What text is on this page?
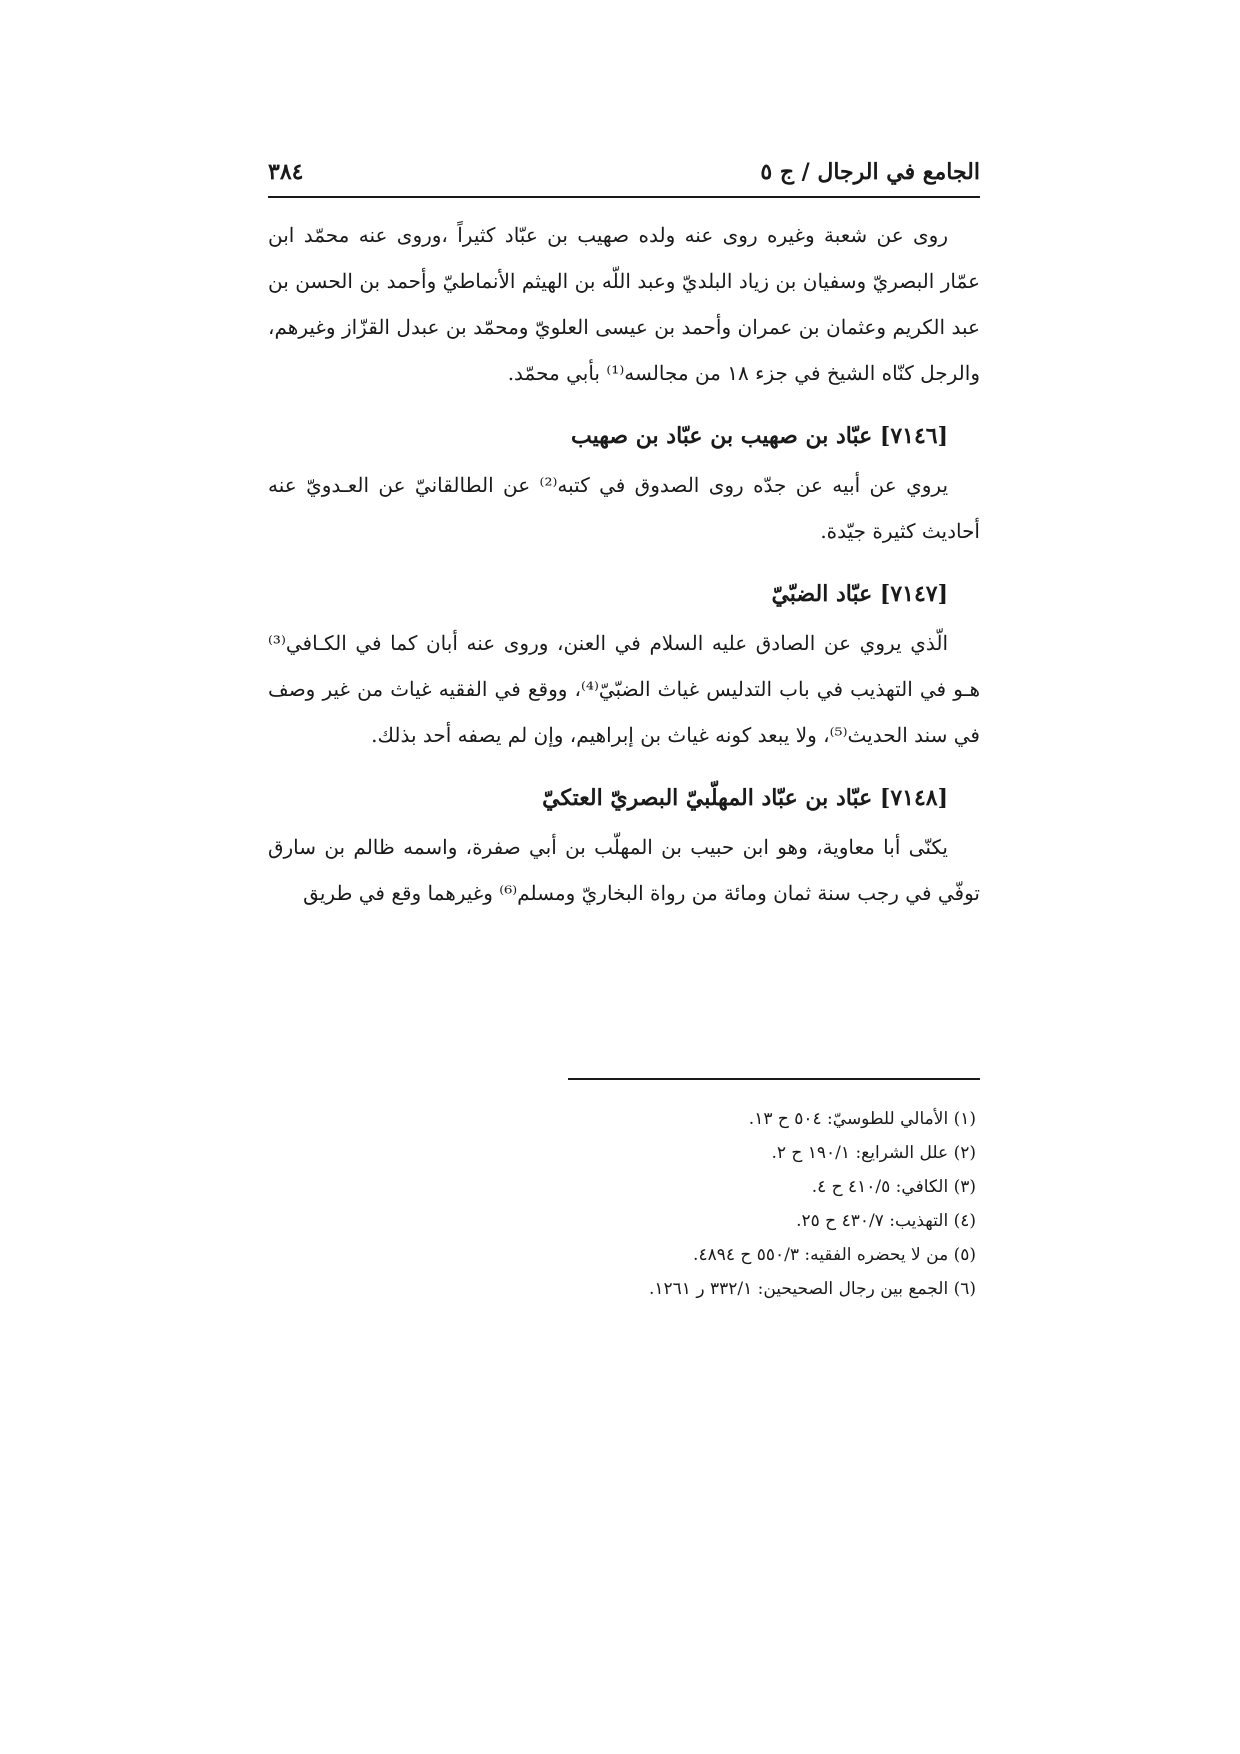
الجامع في الرجال / ج ٥
٣٨٤

روى عن شعبة وغيره روى عنه ولده صهيب بن عبّاد كثيراً ،وروى عنه محمّد ابن عمّار البصريّ وسفيان بن زياد البلديّ وعبد اللّه بن الهيثم الأنماطيّ وأحمد بن الحسن بن عبد الكريم وعثمان بن عمران وأحمد بن عيسى العلويّ ومحمّد بن عبدل القزّاز وغيرهم، والرجل كنّاه الشيخ في جزء ١٨ من مجالسه⁽¹⁾ بأبي محمّد.

[٧١٤٦] عبّاد بن صهيب بن عبّاد بن صهيب

يروي عن أبيه عن جدّه روى الصدوق في كتبه⁽²⁾ عن الطالقانيّ عن العـدويّ عنه أحاديث كثيرة جيّدة.

[٧١٤٧] عبّاد الضبّيّ

الّذي يروي عن الصادق عليه السلام في العنن، وروى عنه أبان كما في الكـافي⁽³⁾ هـو في التهذيب في باب التدليس غياث الضبّيّ⁽⁴⁾، ووقع في الفقيه غياث من غير وصف في سند الحديث⁽⁵⁾، ولا يبعد كونه غياث بن إبراهيم، وإن لم يصفه أحد بذلك.

[٧١٤٨] عبّاد بن عبّاد المهلّبيّ البصريّ العتكيّ

يكنّى أبا معاوية، وهو ابن حبيب بن المهلّب بن أبي صفرة، واسمه ظالم بن سارق توفّي في رجب سنة ثمان ومائة من رواة البخاريّ ومسلم⁽⁶⁾ وغيرهما وقع في طريق

(١) الأمالي للطوسيّ: ٥٠٤ ح ١٣.
(٢) علل الشرايع: ١٩٠/١ ح ٢.
(٣) الكافي: ٤١٠/٥ ح ٤.
(٤) التهذيب: ٤٣٠/٧ ح ٢٥.
(٥) من لا يحضره الفقيه: ٥٥٠/٣ ح ٤٨٩٤.
(٦) الجمع بين رجال الصحيحين: ٣٣٢/١ ر ١٢٦١.
